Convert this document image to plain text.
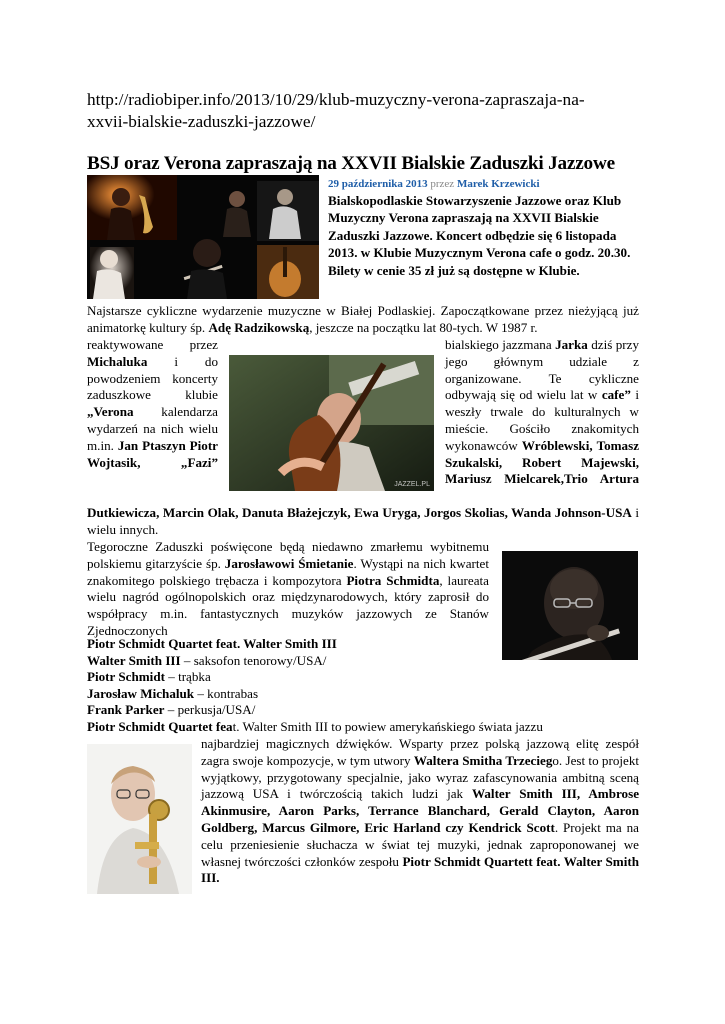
http://radiobiper.info/2013/10/29/klub-muzyczny-verona-zapraszaja-na-
xxvii-bialskie-zaduszki-jazzowe/
BSJ oraz Verona zapraszają na XXVII Bialskie Zaduszki Jazzowe
29 października 2013 przez Marek Krzewicki
Bialskopodlaskie Stowarzyszenie Jazzowe oraz Klub Muzyczny Verona zapraszają na XXVII Bialskie Zaduszki Jazzowe. Koncert odbędzie się 6 listopada 2013. w Klubie Muzycznym Verona cafe o godz. 20.30. Bilety w cenie 35 zł już są dostępne w Klubie.
Najstarsze cykliczne wydarzenie muzyczne w Białej Podlaskiej. Zapoczątkowane przez nieżyjącą już animatorkę kultury śp. Adę Radzikowską, jeszcze na początku lat 80-tych. W 1987 r.
reaktywowane przez Michaluka i do powodzeniem koncerty zaduszkowe klubie „Verona kalendarza wydarzeń na nich wielu m.in. Jan Ptaszyn Piotr Wojtasik, „Fazi”
JAZZEL.PL
bialskiego jazzmana Jarka dziś przy jego głównym udziale z organizowane. Te cykliczne odbywają się od wielu lat w cafe” i weszły trwale do kulturalnych w mieście. Gościło znakomitych wykonawców Wróblewski, Tomasz Szukalski, Robert Majewski, Mariusz Mielcarek,Trio Artura
Dutkiewicza, Marcin Olak, Danuta Błażejczyk, Ewa Uryga, Jorgos Skolias, Wanda Johnson-USA i wielu innych.
Tegoroczne Zaduszki poświęcone będą niedawno zmarłemu wybitnemu polskiemu gitarzyście śp. Jarosławowi Śmietanie. Wystąpi na nich kwartet znakomitego polskiego trębacza i kompozytora Piotra Schmidta, laureata wielu nagród ogólnopolskich oraz międzynarodowych, który zaprosił do współpracy m.in. fantastycznych muzyków jazzowych ze Stanów Zjednoczonych
Piotr Schmidt Quartet feat. Walter Smith III
Walter Smith III – saksofon tenorowy/USA/
Piotr Schmidt – trąbka
Jarosław Michaluk – kontrabas
Frank Parker – perkusja/USA/
Piotr Schmidt Quartet feat. Walter Smith III to powiew amerykańskiego świata jazzu
najbardziej magicznych dźwięków. Wsparty przez polską jazzową elitę zespół zagra swoje kompozycje, w tym utwory Waltera Smitha Trzeciego. Jest to projekt wyjątkowy, przygotowany specjalnie, jako wyraz zafascynowania ambitną sceną jazzową USA i twórczością takich ludzi jak Walter Smith III, Ambrose Akinmusire, Aaron Parks, Terrance Blanchard, Gerald Clayton, Aaron Goldberg, Marcus Gilmore, Eric Harland czy Kendrick Scott. Projekt ma na celu przeniesienie słuchacza w świat tej muzyki, jednak zaproponowanej we własnej twórczości członków zespołu Piotr Schmidt Quartett feat. Walter Smith III.
